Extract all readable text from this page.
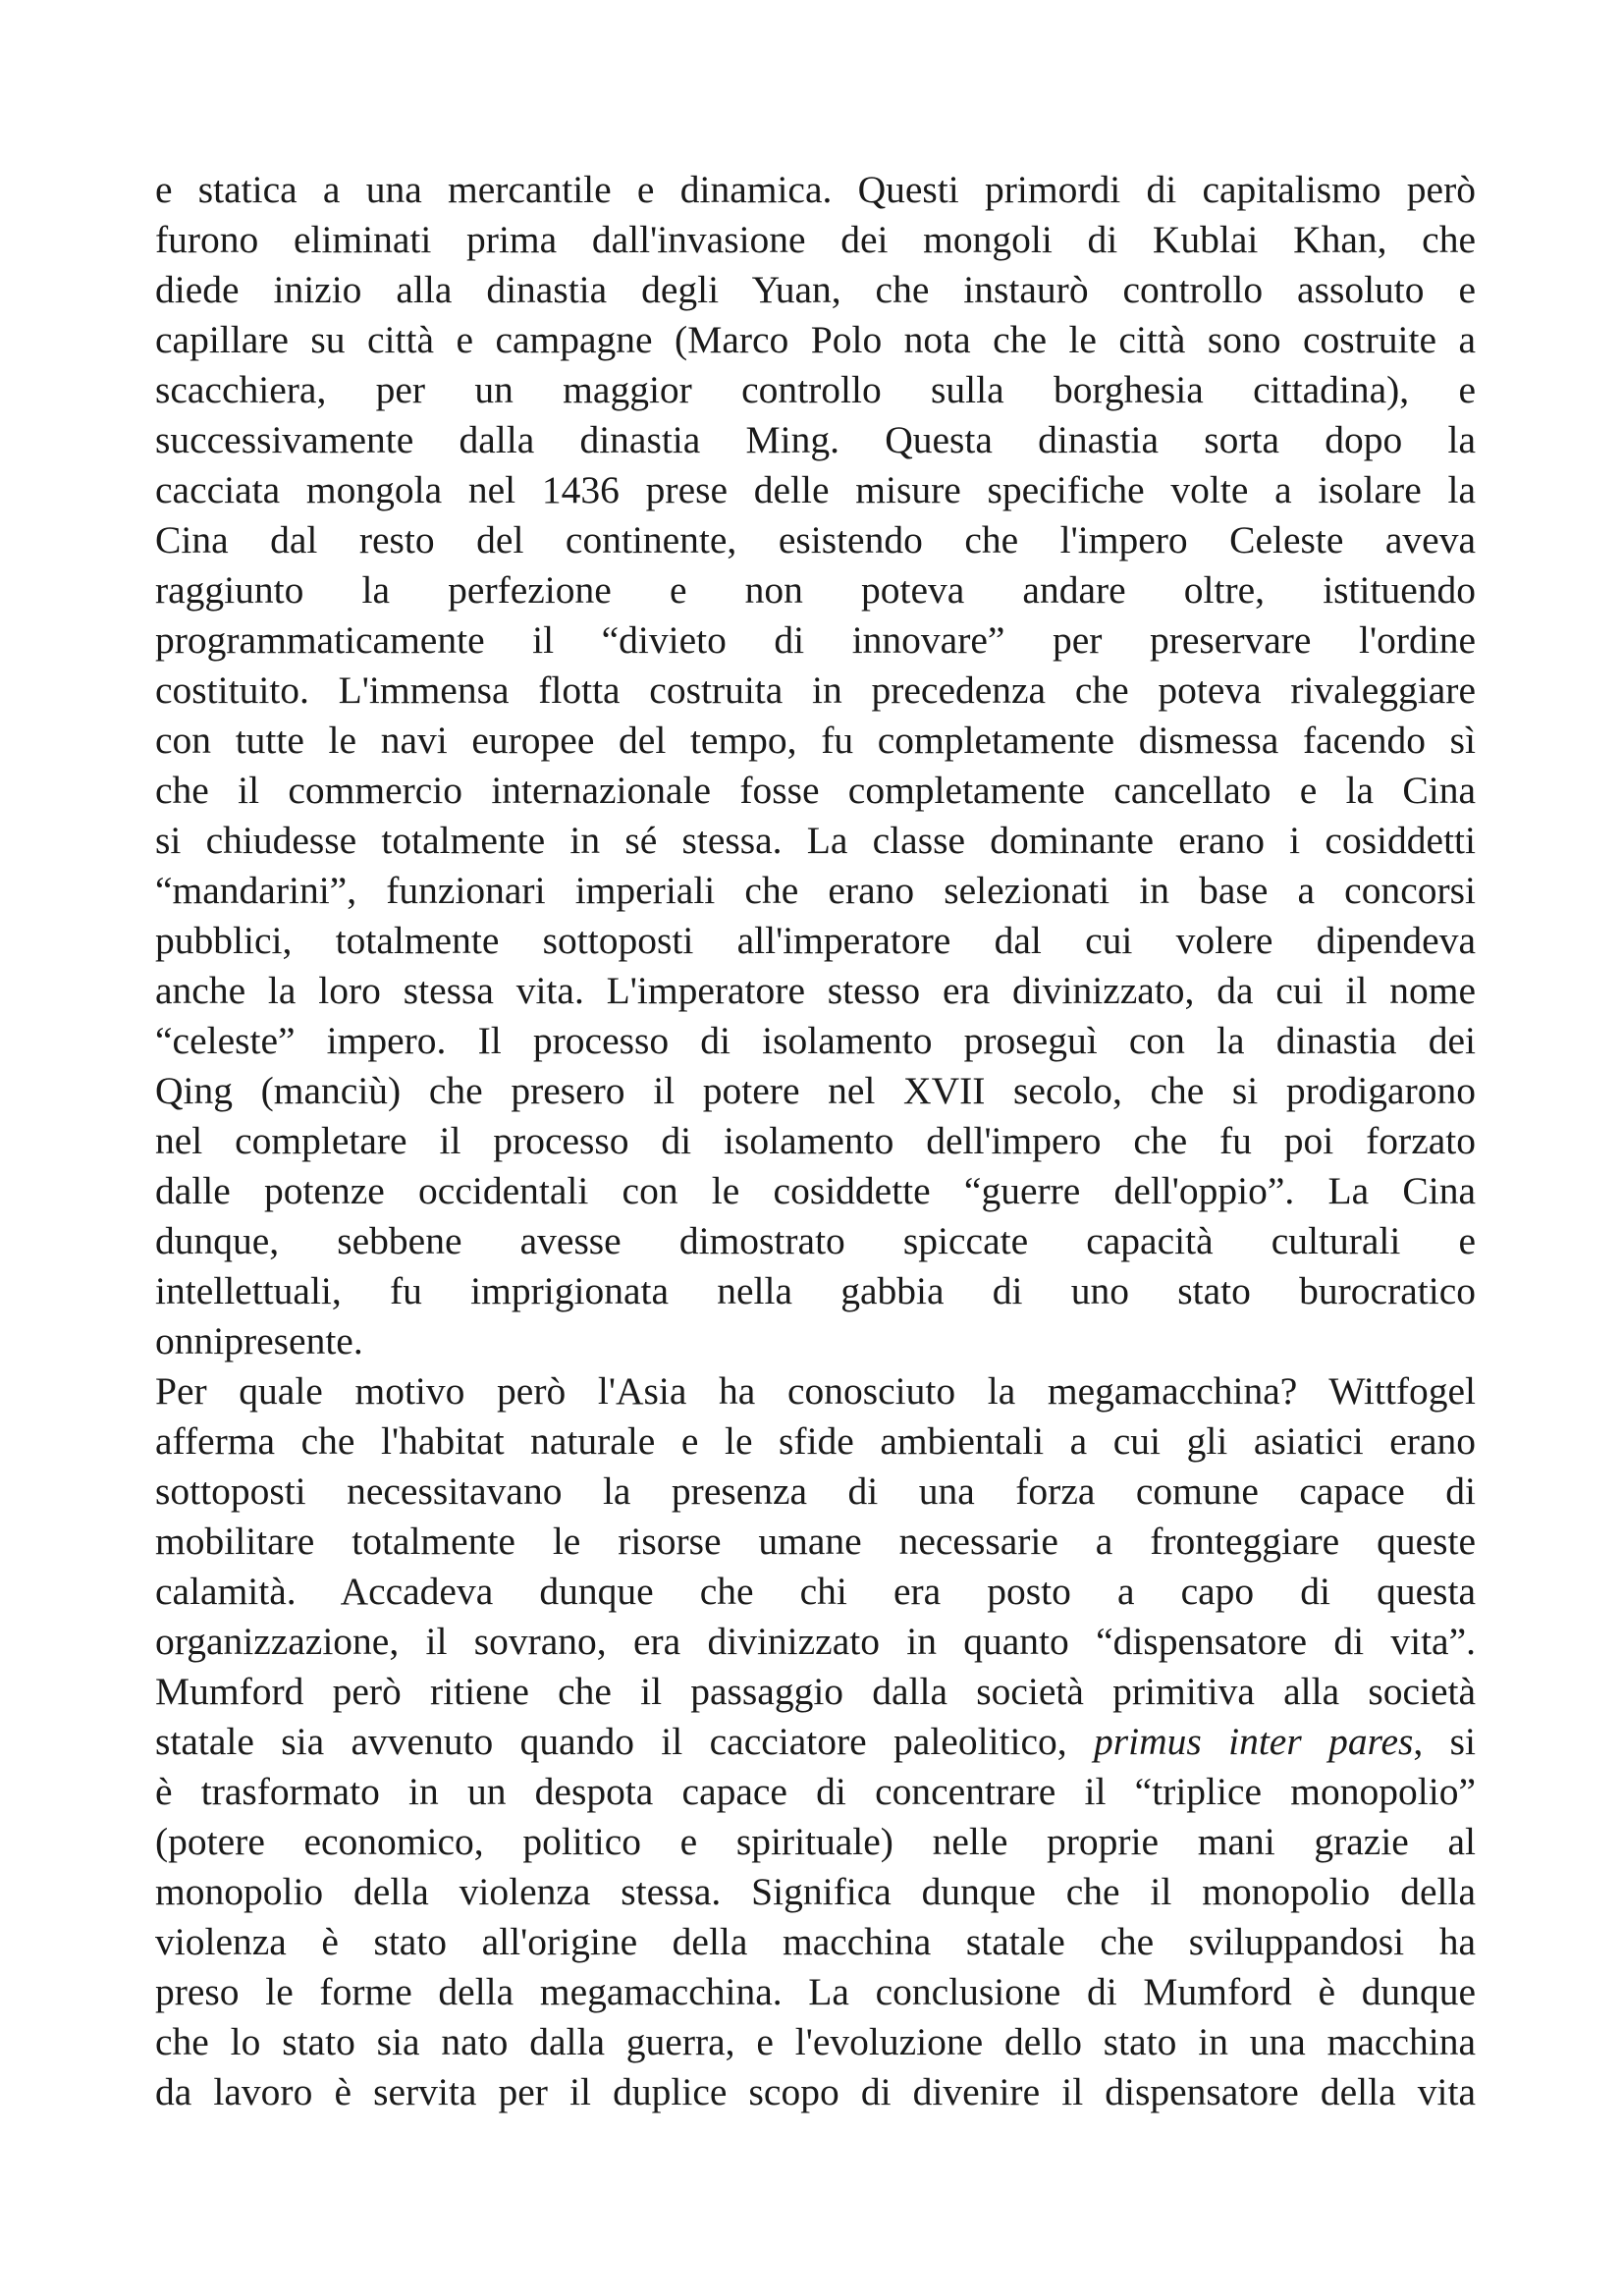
e statica a una mercantile e dinamica. Questi primordi di capitalismo però
furono eliminati prima dall'invasione dei mongoli di Kublai Khan, che
diede inizio alla dinastia degli Yuan, che instaurò controllo assoluto e
capillare su città e campagne (Marco Polo nota che le città sono costruite a
scacchiera, per un maggior controllo sulla borghesia cittadina), e
successivamente dalla dinastia Ming. Questa dinastia sorta dopo la
cacciata mongola nel 1436 prese delle misure specifiche volte a isolare la
Cina dal resto del continente, esistendo che l'impero Celeste aveva
raggiunto la perfezione e non poteva andare oltre, istituendo
programmaticamente il “divieto di innovare” per preservare l'ordine
costituito. L'immensa flotta costruita in precedenza che poteva rivaleggiare
con tutte le navi europee del tempo, fu completamente dismessa facendo sì
che il commercio internazionale fosse completamente cancellato e la Cina
si chiudesse totalmente in sé stessa. La classe dominante erano i cosiddetti
“mandarini”, funzionari imperiali che erano selezionati in base a concorsi
pubblici, totalmente sottoposti all'imperatore dal cui volere dipendeva
anche la loro stessa vita. L'imperatore stesso era divinizzato, da cui il nome
“celeste” impero. Il processo di isolamento proseguì con la dinastia dei
Qing (manciù) che presero il potere nel XVII secolo, che si prodigarono
nel completare il processo di isolamento dell'impero che fu poi forzato
dalle potenze occidentali con le cosiddette “guerre dell'oppio”. La Cina
dunque, sebbene avesse dimostrato spiccate capacità culturali e
intellettuali, fu imprigionata nella gabbia di uno stato burocratico
onnipresente.
Per quale motivo però l'Asia ha conosciuto la megamacchina? Wittfogel
afferma che l'habitat naturale e le sfide ambientali a cui gli asiatici erano
sottoposti necessitavano la presenza di una forza comune capace di
mobilitare totalmente le risorse umane necessarie a fronteggiare queste
calamità. Accadeva dunque che chi era posto a capo di questa
organizzazione, il sovrano, era divinizzato in quanto “dispensatore di vita”.
Mumford però ritiene che il passaggio dalla società primitiva alla società
statale sia avvenuto quando il cacciatore paleolitico, primus inter pares, si
è trasformato in un despota capace di concentrare il “triplice monopolio”
(potere economico, politico e spirituale) nelle proprie mani grazie al
monopolio della violenza stessa. Significa dunque che il monopolio della
violenza è stato all'origine della macchina statale che sviluppandosi ha
preso le forme della megamacchina. La conclusione di Mumford è dunque
che lo stato sia nato dalla guerra, e l'evoluzione dello stato in una macchina
da lavoro è servita per il duplice scopo di divenire il dispensatore della vita
